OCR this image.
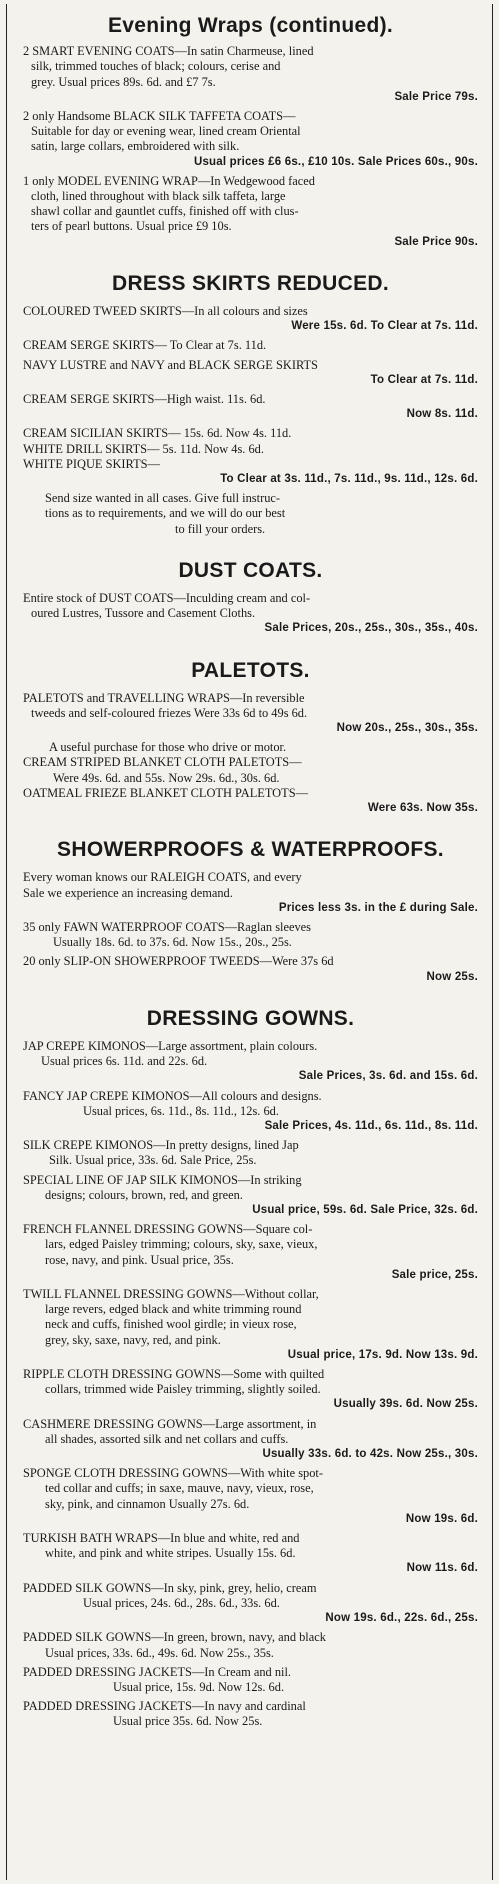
Evening Wraps (continued).
2 SMART EVENING COATS—In satin Charmeuse, lined
silk, trimmed touches of black; colours, cerise and
grey. Usual prices 89s. 6d. and £7 7s.
Sale Price 79s.
2 only Handsome BLACK SILK TAFFETA COATS—
Suitable for day or evening wear, lined cream Oriental
satin, large collars, embroidered with silk.
Usual prices £6 6s., £10 10s. Sale Prices 60s., 90s.
1 only MODEL EVENING WRAP—In Wedgewood faced
cloth, lined throughout with black silk taffeta, large
shawl collar and gauntlet cuffs, finished off with clus-
ters of pearl buttons. Usual price £9 10s.
Sale Price 90s.
DRESS SKIRTS REDUCED.
COLOURED TWEED SKIRTS—In all colours and sizes
Were 15s. 6d. To Clear at 7s. 11d.
CREAM SERGE SKIRTS— To Clear at 7s. 11d.
NAVY LUSTRE and NAVY and BLACK SERGE SKIRTS
To Clear at 7s. 11d.
CREAM SERGE SKIRTS—High waist. 11s. 6d.
Now 8s. 11d.
CREAM SICILIAN SKIRTS— 15s. 6d. Now 4s. 11d.
WHITE DRILL SKIRTS— 5s. 11d. Now 4s. 6d.
WHITE PIQUE SKIRTS—
To Clear at 3s. 11d., 7s. 11d., 9s. 11d., 12s. 6d.
Send size wanted in all cases. Give full instruc-
tions as to requirements, and we will do our best
to fill your orders.
DUST COATS.
Entire stock of DUST COATS—Inculding cream and col-
oured Lustres, Tussore and Casement Cloths.
Sale Prices, 20s., 25s., 30s., 35s., 40s.
PALETOTS.
PALETOTS and TRAVELLING WRAPS—In reversible
tweeds and self-coloured friezes Were 33s 6d to 49s 6d.
Now 20s., 25s., 30s., 35s.
A useful purchase for those who drive or motor.
CREAM STRIPED BLANKET CLOTH PALETOTS—
Were 49s. 6d. and 55s. Now 29s. 6d., 30s. 6d.
OATMEAL FRIEZE BLANKET CLOTH PALETOTS—
Were 63s. Now 35s.
SHOWERPROOFS & WATERPROOFS.
Every woman knows our RALEIGH COATS, and every
Sale we experience an increasing demand.
Prices less 3s. in the £ during Sale.
35 only FAWN WATERPROOF COATS—Raglan sleeves
Usually 18s. 6d. to 37s. 6d. Now 15s., 20s., 25s.
20 only SLIP-ON SHOWERPROOF TWEEDS—Were 37s 6d
Now 25s.
DRESSING GOWNS.
JAP CREPE KIMONOS—Large assortment, plain colours.
Usual prices 6s. 11d. and 22s. 6d.
Sale Prices, 3s. 6d. and 15s. 6d.
FANCY JAP CREPE KIMONOS—All colours and designs.
Usual prices, 6s. 11d., 8s. 11d., 12s. 6d.
Sale Prices, 4s. 11d., 6s. 11d., 8s. 11d.
SILK CREPE KIMONOS—In pretty designs, lined Jap
Silk. Usual price, 33s. 6d. Sale Price, 25s.
SPECIAL LINE OF JAP SILK KIMONOS—In striking
designs; colours, brown, red, and green.
Usual price, 59s. 6d. Sale Price, 32s. 6d.
FRENCH FLANNEL DRESSING GOWNS—Square col-
lars, edged Paisley trimming; colours, sky, saxe, vieux,
rose, navy, and pink. Usual price, 35s.
Sale price, 25s.
TWILL FLANNEL DRESSING GOWNS—Without collar,
large revers, edged black and white trimming round
neck and cuffs, finished wool girdle; in vieux rose,
grey, sky, saxe, navy, red, and pink.
Usual price, 17s. 9d. Now 13s. 9d.
RIPPLE CLOTH DRESSING GOWNS—Some with quilted
collars, trimmed wide Paisley trimming, slightly soiled.
Usually 39s. 6d. Now 25s.
CASHMERE DRESSING GOWNS—Large assortment, in
all shades, assorted silk and net collars and cuffs.
Usually 33s. 6d. to 42s. Now 25s., 30s.
SPONGE CLOTH DRESSING GOWNS—With white spot-
ted collar and cuffs; in saxe, mauve, navy, vieux, rose,
sky, pink, and cinnamon Usually 27s. 6d.
Now 19s. 6d.
TURKISH BATH WRAPS—In blue and white, red and
white, and pink and white stripes. Usually 15s. 6d.
Now 11s. 6d.
PADDED SILK GOWNS—In sky, pink, grey, helio, cream
Usual prices, 24s. 6d., 28s. 6d., 33s. 6d.
Now 19s. 6d., 22s. 6d., 25s.
PADDED SILK GOWNS—In green, brown, navy, and black
Usual prices, 33s. 6d., 49s. 6d. Now 25s., 35s.
PADDED DRESSING JACKETS—In Cream and nil.
Usual price, 15s. 9d. Now 12s. 6d.
PADDED DRESSING JACKETS—In navy and cardinal
Usual price 35s. 6d. Now 25s.
